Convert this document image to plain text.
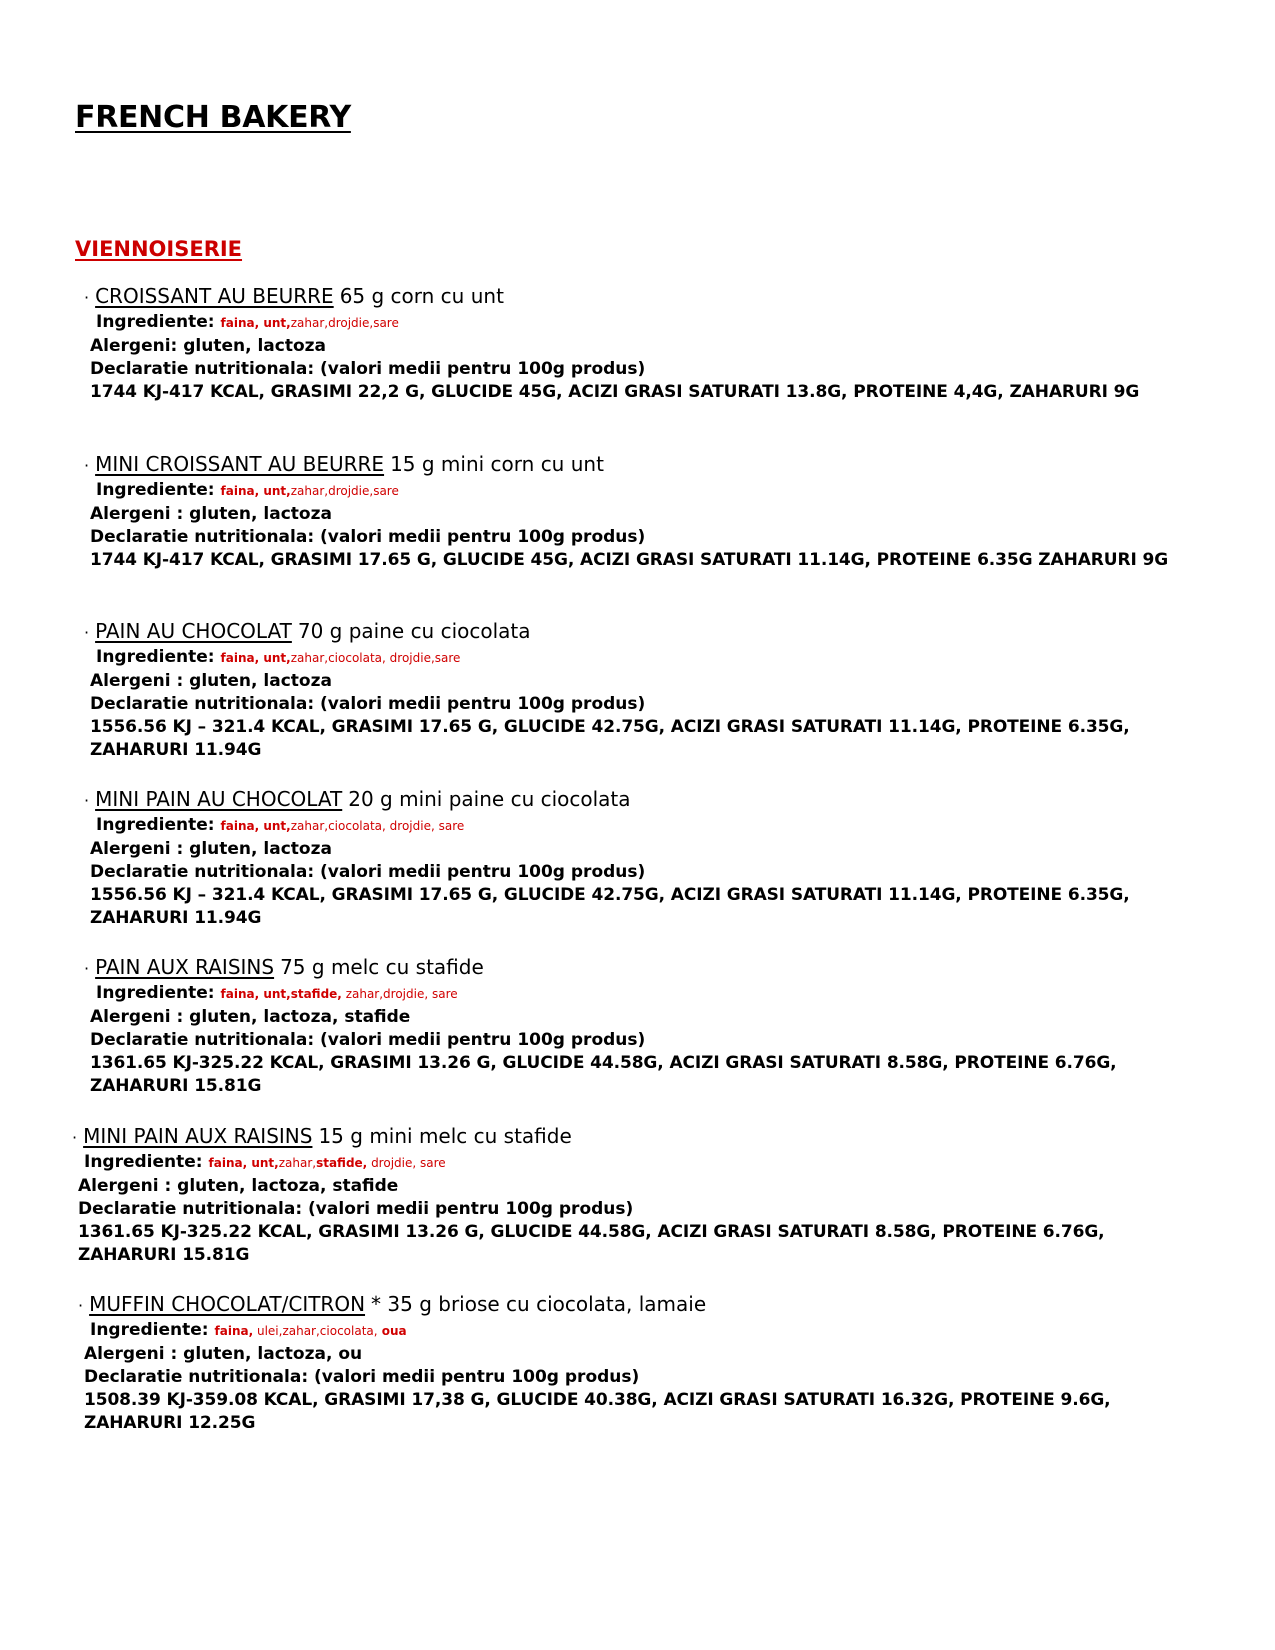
FRENCH BAKERY
VIENNOISERIE
· CROISSANT AU BEURRE 65 g corn cu unt
Ingrediente: faina, unt,zahar,drojdie,sare
Alergeni: gluten, lactoza
Declaratie nutritionala: (valori medii pentru 100g produs)
1744 KJ-417 KCAL, GRASIMI 22,2 G, GLUCIDE 45G, ACIZI GRASI SATURATI 13.8G, PROTEINE 4,4G, ZAHARURI 9G
· MINI CROISSANT AU BEURRE 15 g mini corn cu unt
Ingrediente: faina, unt,zahar,drojdie,sare
Alergeni : gluten, lactoza
Declaratie nutritionala: (valori medii pentru 100g produs)
1744 KJ-417 KCAL, GRASIMI 17.65 G, GLUCIDE 45G, ACIZI GRASI SATURATI 11.14G, PROTEINE 6.35G ZAHARURI 9G
· PAIN AU CHOCOLAT 70 g paine cu ciocolata
Ingrediente: faina, unt,zahar,ciocolata, drojdie,sare
Alergeni : gluten, lactoza
Declaratie nutritionala: (valori medii pentru 100g produs)
1556.56 KJ – 321.4 KCAL, GRASIMI 17.65 G, GLUCIDE 42.75G, ACIZI GRASI SATURATI 11.14G, PROTEINE 6.35G, ZAHARURI 11.94G
· MINI PAIN AU CHOCOLAT 20 g mini paine cu ciocolata
Ingrediente: faina, unt,zahar,ciocolata, drojdie, sare
Alergeni : gluten, lactoza
Declaratie nutritionala: (valori medii pentru 100g produs)
1556.56 KJ – 321.4 KCAL, GRASIMI 17.65 G, GLUCIDE 42.75G, ACIZI GRASI SATURATI 11.14G, PROTEINE 6.35G, ZAHARURI 11.94G
· PAIN AUX RAISINS 75 g melc cu stafide
Ingrediente: faina, unt,stafide, zahar,drojdie, sare
Alergeni : gluten, lactoza, stafide
Declaratie nutritionala: (valori medii pentru 100g produs)
1361.65 KJ-325.22 KCAL, GRASIMI 13.26 G, GLUCIDE 44.58G, ACIZI GRASI SATURATI 8.58G, PROTEINE 6.76G, ZAHARURI 15.81G
· MINI PAIN AUX RAISINS 15 g mini melc cu stafide
Ingrediente: faina, unt,zahar,stafide, drojdie, sare
Alergeni : gluten, lactoza, stafide
Declaratie nutritionala: (valori medii pentru 100g produs)
1361.65 KJ-325.22 KCAL, GRASIMI 13.26 G, GLUCIDE 44.58G, ACIZI GRASI SATURATI 8.58G, PROTEINE 6.76G, ZAHARURI 15.81G
· MUFFIN CHOCOLAT/CITRON * 35 g briose cu ciocolata, lamaie
Ingrediente: faina, ulei,zahar,ciocolata, oua
Alergeni : gluten, lactoza, ou
Declaratie nutritionala: (valori medii pentru 100g produs)
1508.39 KJ-359.08 KCAL, GRASIMI 17,38 G, GLUCIDE 40.38G, ACIZI GRASI SATURATI 16.32G, PROTEINE 9.6G, ZAHARURI 12.25G
